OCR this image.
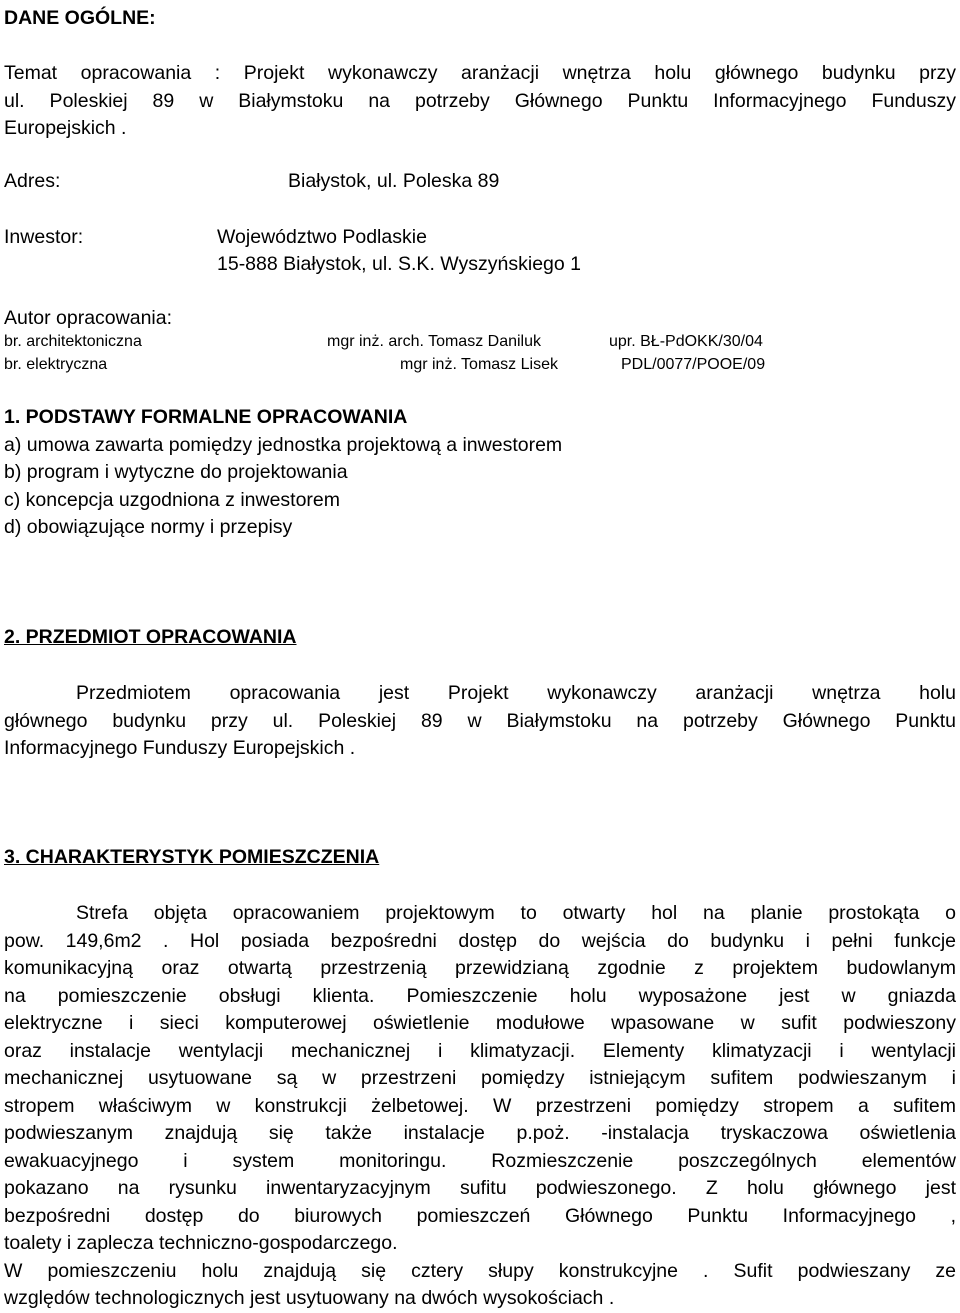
DANE OGÓLNE:
Temat opracowania : Projekt wykonawczy aranżacji wnętrza holu głównego budynku przy
ul. Poleskiej 89 w Białymstoku na potrzeby Głównego Punktu Informacyjnego Funduszy
Europejskich .
Adres:	Białystok, ul. Poleska 89
Inwestor:	Województwo Podlaskie
15-888 Białystok, ul. S.K. Wyszyńskiego 1
Autor opracowania:
br. architektoniczna	mgr inż. arch. Tomasz Daniluk	upr. BŁ-PdOKK/30/04
br. elektryczna	mgr inż. Tomasz Lisek	PDL/0077/POOE/09
1. PODSTAWY FORMALNE OPRACOWANIA
a) umowa zawarta pomiędzy jednostka projektową a inwestorem
b) program i wytyczne do projektowania
c) koncepcja uzgodniona z inwestorem
d) obowiązujące normy i przepisy
2. PRZEDMIOT OPRACOWANIA
Przedmiotem opracowania jest Projekt wykonawczy aranżacji wnętrza holu
głównego budynku przy ul. Poleskiej 89 w Białymstoku na potrzeby Głównego Punktu
Informacyjnego Funduszy Europejskich .
3. CHARAKTERYSTYK POMIESZCZENIA
Strefa objęta opracowaniem projektowym to otwarty hol na planie prostokąta o
pow. 149,6m2 . Hol posiada bezpośredni dostęp do wejścia do budynku i pełni funkcje
komunikacyjną oraz otwartą przestrzenią przewidzianą zgodnie z projektem budowlanym
na pomieszczenie obsługi klienta. Pomieszczenie holu wyposażone jest w gniazda
elektryczne i sieci komputerowej oświetlenie modułowe wpasowane w sufit podwieszony
oraz instalacje wentylacji mechanicznej i klimatyzacji. Elementy klimatyzacji i wentylacji
mechanicznej usytuowane są w przestrzeni pomiędzy istniejącym sufitem podwieszanym i
stropem właściwym w konstrukcji żelbetowej. W przestrzeni pomiędzy stropem a sufitem
podwieszanym znajdują się także instalacje p.poż. -instalacja tryskaczowa oświetlenia
ewakuacyjnego i system monitoringu. Rozmieszczenie poszczególnych elementów
pokazano na rysunku inwentaryzacyjnym sufitu podwieszonego. Z holu głównego jest
bezpośredni dostęp do biurowych pomieszczeń Głównego Punktu Informacyjnego ,
toalety i zaplecza techniczno-gospodarczego.
W pomieszczeniu holu znajdują się cztery słupy konstrukcyjne . Sufit podwieszany ze
względów technologicznych jest usytuowany na dwóch wysokościach .
